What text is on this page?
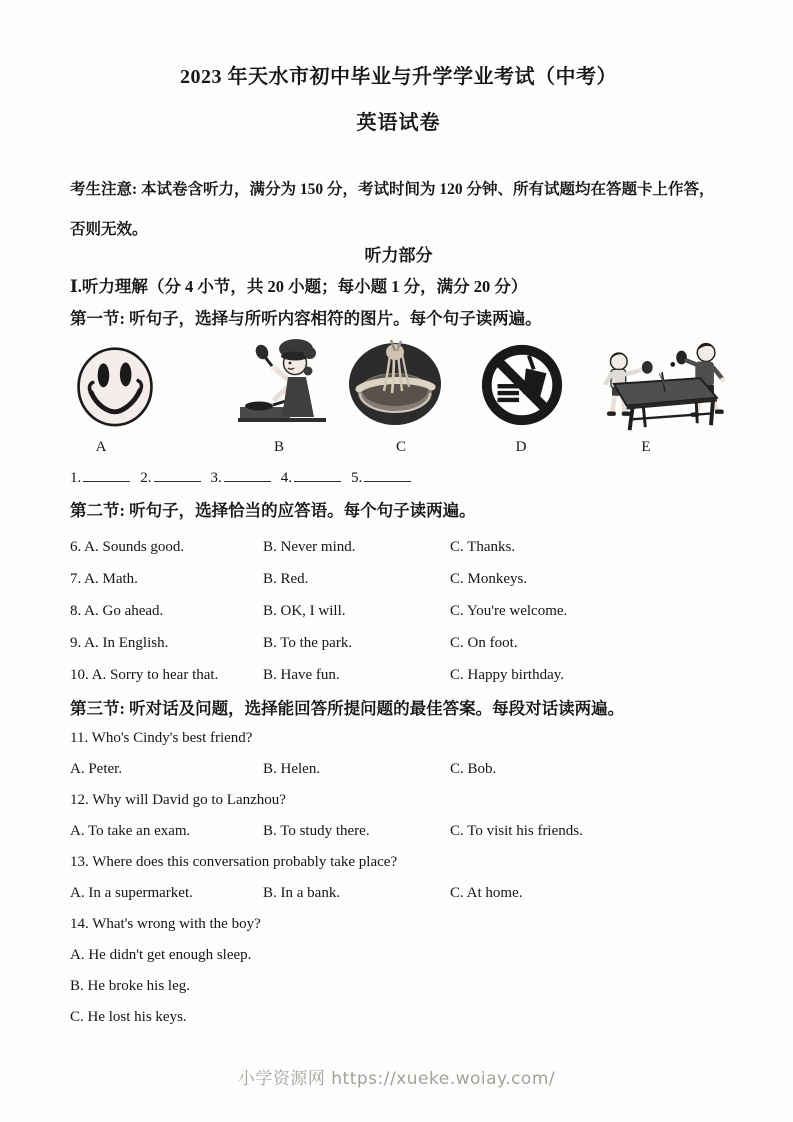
2023 年天水市初中毕业与升学学业考试（中考）
英语试卷
考生注意: 本试卷含听力，满分为 150 分，考试时间为 120 分钟、所有试题均在答题卡上作答，
否则无效。
听力部分
Ⅰ.听力理解（分 4 小节，共 20 小题；每小题 1 分，满分 20 分）
第一节: 听句子，选择与所听内容相符的图片。每个句子读两遍。
A	B	C	D	E
1.	2.	3.	4.	5.
第二节: 听句子，选择恰当的应答语。每个句子读两遍。
6. A. Sounds good.	B. Never mind.	C. Thanks.
7. A. Math.	B. Red.	C. Monkeys.
8. A. Go ahead.	B. OK, I will.	C. You're welcome.
9. A. In English.	B. To the park.	C. On foot.
10. A. Sorry to hear that.	B. Have fun.	C. Happy birthday.
第三节: 听对话及问题，选择能回答所提问题的最佳答案。每段对话读两遍。
11. Who's Cindy's best friend?
A. Peter.	B. Helen.	C. Bob.
12. Why will David go to Lanzhou?
A. To take an exam.	B. To study there.	C. To visit his friends.
13. Where does this conversation probably take place?
A. In a supermarket.	B. In a bank.	C. At home.
14. What's wrong with the boy?
A. He didn't get enough sleep.
B. He broke his leg.
C. He lost his keys.
小学资源网 https://xueke.woiay.com/
